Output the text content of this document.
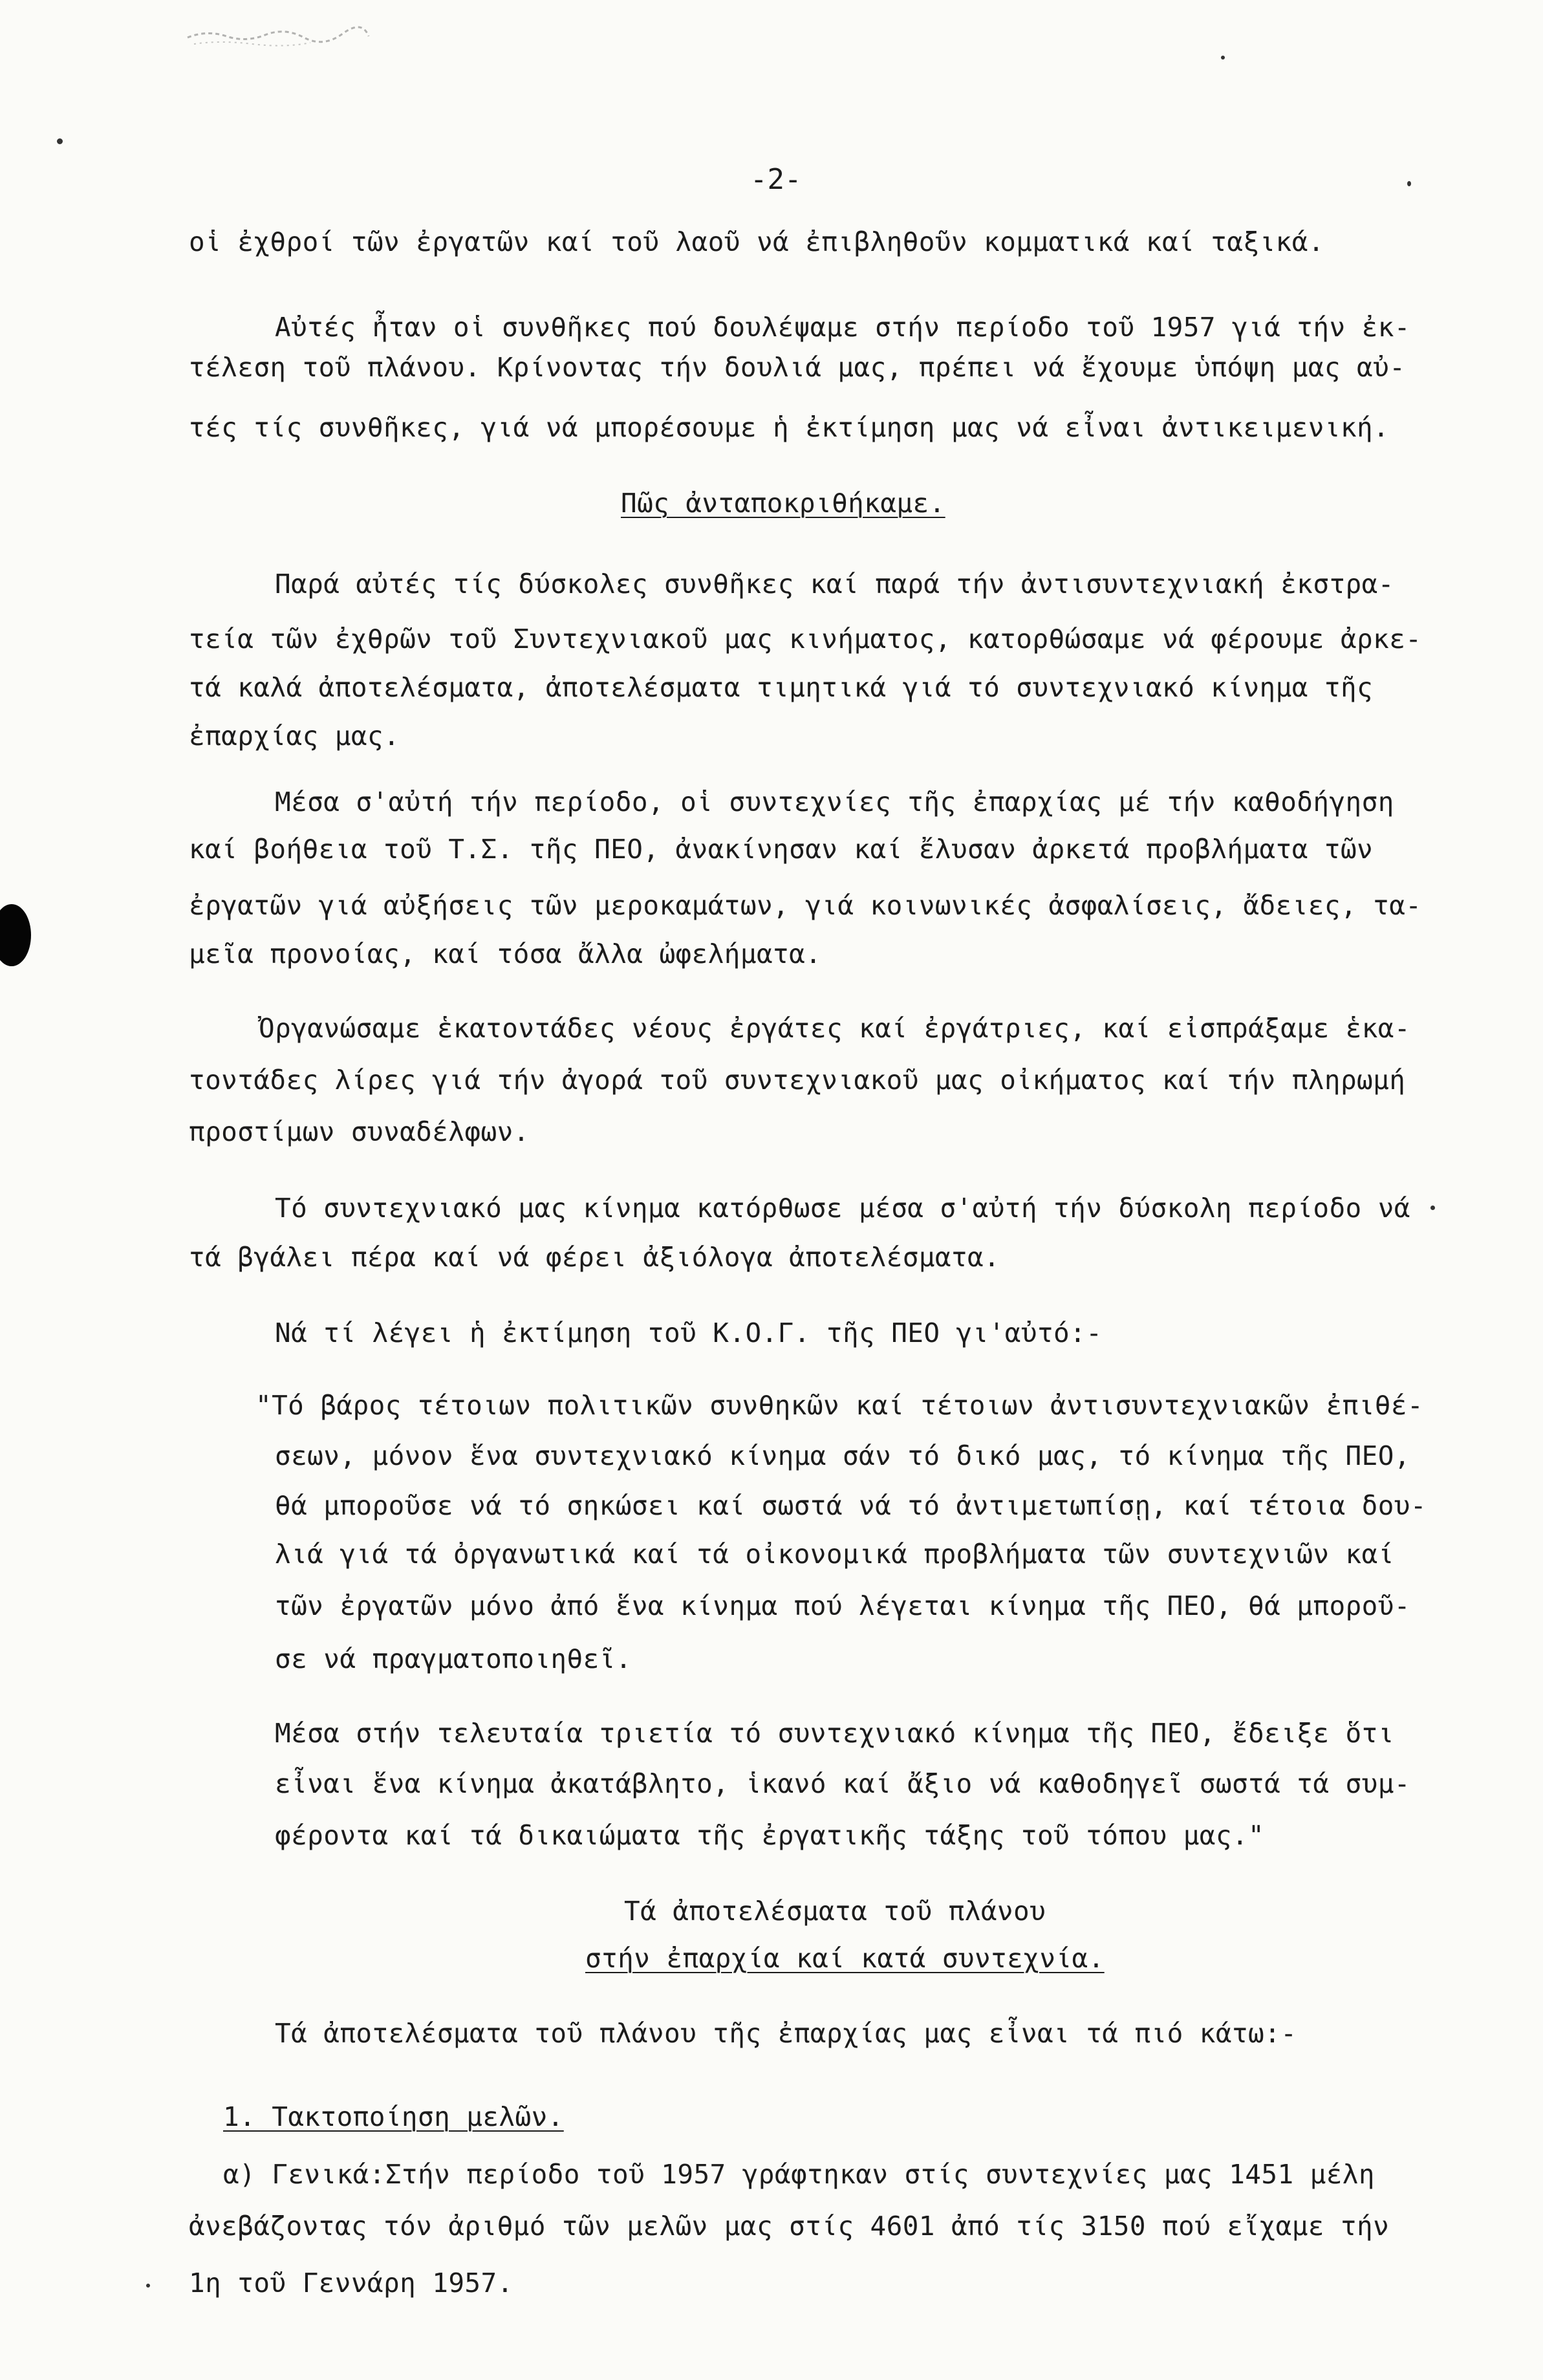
-2-

οἱ ἐχθροί τῶν ἐργατῶν καί τοῦ λαοῦ νά ἐπιβληθοῦν κομματικά καί ταξικά.

Αὐτές ἦταν οἱ συνθῆκες πού δουλέψαμε στήν περίοδο τοῦ 1957 γιά τήν ἐκ-

τέλεση τοῦ πλάνου. Κρίνοντας τήν δουλιά μας, πρέπει νά ἔχουμε ὑπόψη μας αὐ-

τές τίς συνθῆκες, γιά νά μπορέσουμε ἡ ἐκτίμηση μας νά εἶναι ἀντικειμενική.

Πῶς ἀνταποκριθήκαμε.

Παρά αὐτές τίς δύσκολες συνθῆκες καί παρά τήν ἀντισυντεχνιακή ἐκστρα-

τεία τῶν ἐχθρῶν τοῦ Συντεχνιακοῦ μας κινήματος, κατορθώσαμε νά φέρουμε ἀρκε-

τά καλά ἀποτελέσματα, ἀποτελέσματα τιμητικά γιά τό συντεχνιακό κίνημα τῆς

ἐπαρχίας μας.

Μέσα σ'αὐτή τήν περίοδο, οἱ συντεχνίες τῆς ἐπαρχίας μέ τήν καθοδήγηση

καί βοήθεια τοῦ Τ.Σ. τῆς ΠΕΟ, ἀνακίνησαν καί ἔλυσαν ἀρκετά προβλήματα τῶν

ἐργατῶν γιά αὐξήσεις τῶν μεροκαμάτων, γιά κοινωνικές ἀσφαλίσεις, ἄδειες, τα-

μεῖα προνοίας, καί τόσα ἄλλα ὠφελήματα.

Ὀργανώσαμε ἑκατοντάδες νέους ἐργάτες καί ἐργάτριες, καί εἰσπράξαμε ἑκα-

τοντάδες λίρες γιά τήν ἀγορά τοῦ συντεχνιακοῦ μας οἰκήματος καί τήν πληρωμή

προστίμων συναδέλφων.

Τό συντεχνιακό μας κίνημα κατόρθωσε μέσα σ'αὐτή τήν δύσκολη περίοδο νά

τά βγάλει πέρα καί νά φέρει ἀξιόλογα ἀποτελέσματα.

Νά τί λέγει ἡ ἐκτίμηση τοῦ Κ.Ο.Γ. τῆς ΠΕΟ γι'αὐτό:-

"Τό βάρος τέτοιων πολιτικῶν συνθηκῶν καί τέτοιων ἀντισυντεχνιακῶν ἐπιθέ-

σεων, μόνον ἕνα συντεχνιακό κίνημα σάν τό δικό μας, τό κίνημα τῆς ΠΕΟ,

θά μποροῦσε νά τό σηκώσει καί σωστά νά τό ἀντιμετωπίσῃ, καί τέτοια δου-

λιά γιά τά ὀργανωτικά καί τά οἰκονομικά προβλήματα τῶν συντεχνιῶν καί

τῶν ἐργατῶν μόνο ἀπό ἕνα κίνημα πού λέγεται κίνημα τῆς ΠΕΟ, θά μποροῦ-

σε νά πραγματοποιηθεῖ.

Μέσα στήν τελευταία τριετία τό συντεχνιακό κίνημα τῆς ΠΕΟ, ἔδειξε ὅτι

εἶναι ἕνα κίνημα ἀκατάβλητο, ἱκανό καί ἄξιο νά καθοδηγεῖ σωστά τά συμ-

φέροντα καί τά δικαιώματα τῆς ἐργατικῆς τάξης τοῦ τόπου μας."

Τά ἀποτελέσματα τοῦ πλάνου

στήν ἐπαρχία καί κατά συντεχνία.

Τά ἀποτελέσματα τοῦ πλάνου τῆς ἐπαρχίας μας εἶναι τά πιό κάτω:-

1. Τακτοποίηση μελῶν.

α) Γενικά:Στήν περίοδο τοῦ 1957 γράφτηκαν στίς συντεχνίες μας 1451 μέλη

ἀνεβάζοντας τόν ἀριθμό τῶν μελῶν μας στίς 4601 ἀπό τίς 3150 πού εἴχαμε τήν

1η τοῦ Γεννάρη 1957.
